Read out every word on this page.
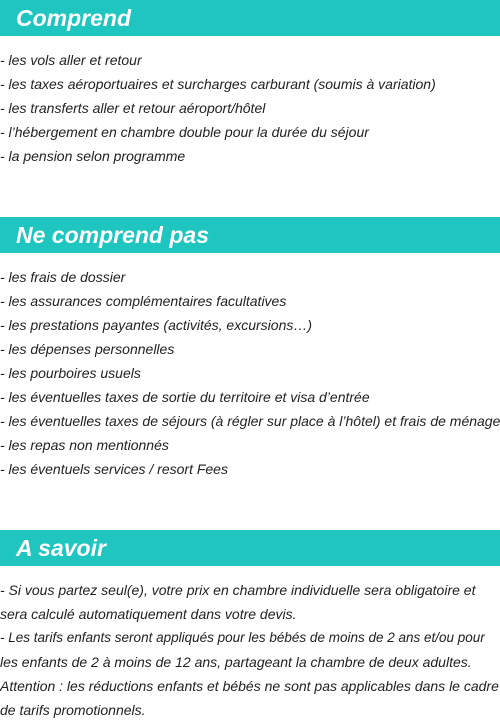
Comprend
- les vols aller et retour
- les taxes aéroportuaires et surcharges carburant (soumis à variation)
- les transferts aller et retour aéroport/hôtel
- l’hébergement en chambre double pour la durée du séjour
- la pension selon programme
Ne comprend pas
- les frais de dossier
- les assurances complémentaires facultatives
- les prestations payantes (activités, excursions…)
- les dépenses personnelles
- les pourboires usuels
- les éventuelles taxes de sortie du territoire et visa d’entrée
- les éventuelles taxes de séjours (à régler sur place à l’hôtel) et frais de ménage
- les repas non mentionnés
- les éventuels services / resort Fees
A savoir

- Si vous partez seul(e), votre prix en chambre individuelle sera obligatoire et

sera calculé automatiquement dans votre devis.

- Les tarifs enfants seront appliqués pour les bébés de moins de 2 ans et/ou pour

les enfants de 2 à moins de 12 ans, partageant la chambre de deux adultes.

Attention : les réductions enfants et bébés ne sont pas applicables dans le cadre

de tarifs promotionnels.
